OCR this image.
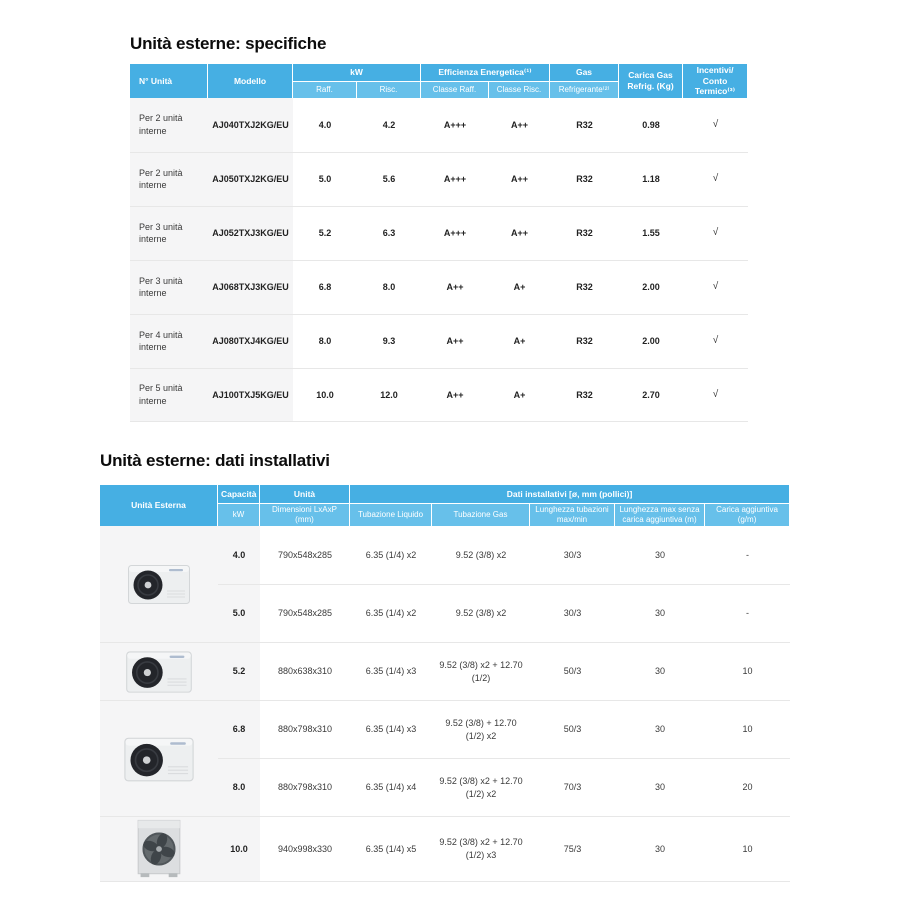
Unità esterne: specifiche
N° Unità	Modello	kW		Efficienza Energetica⁽¹⁾		Gas	Carica Gas Refrig. (Kg)	Incentivi/ Conto Termico⁽³⁾
		Raff.	Risc.	Classe Raff.	Classe Risc.	Refrigerante⁽²⁾		
Per 2 unità interne	AJ040TXJ2KG/EU	4.0	4.2	A+++	A++	R32	0.98	√
Per 2 unità interne	AJ050TXJ2KG/EU	5.0	5.6	A+++	A++	R32	1.18	√
Per 3 unità interne	AJ052TXJ3KG/EU	5.2	6.3	A+++	A++	R32	1.55	√
Per 3 unità interne	AJ068TXJ3KG/EU	6.8	8.0	A++	A+	R32	2.00	√
Per 4 unità interne	AJ080TXJ4KG/EU	8.0	9.3	A++	A+	R32	2.00	√
Per 5 unità interne	AJ100TXJ5KG/EU	10.0	12.0	A++	A+	R32	2.70	√
Unità esterne: dati installativi
Unità Esterna	Capacità	Unità	Dati installativi [ø, mm (pollici)]				
	kW	Dimensioni LxAxP (mm)	Tubazione Liquido	Tubazione Gas	Lunghezza tubazioni max/min	Lunghezza max senza carica aggiuntiva (m)	Carica aggiuntiva (g/m)

	4.0	790x548x285	6.35 (1/4) x2	9.52 (3/8) x2	30/3	30	-
	5.0	790x548x285	6.35 (1/4) x2	9.52 (3/8) x2	30/3	30	-

	5.2	880x638x310	6.35 (1/4) x3	9.52 (3/8) x2 + 12.70 (1/2)	50/3	30	10

	6.8	880x798x310	6.35 (1/4) x3	9.52 (3/8) + 12.70 (1/2) x2	50/3	30	10
	8.0	880x798x310	6.35 (1/4) x4	9.52 (3/8) x2 + 12.70 (1/2) x2	70/3	30	20

	10.0	940x998x330	6.35 (1/4) x5	9.52 (3/8) x2 + 12.70 (1/2) x3	75/3	30	10
